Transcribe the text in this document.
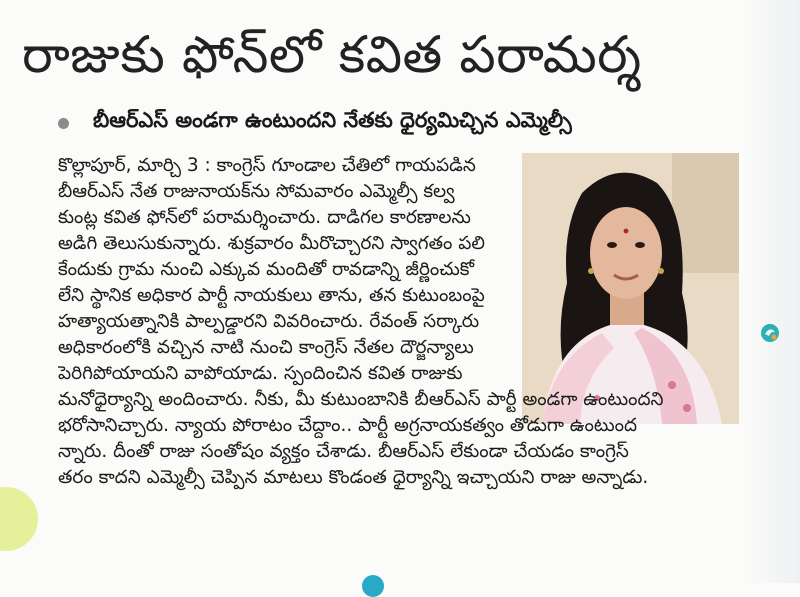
రాజుకు ఫోన్‌లో కవిత పరామర్శ
బీఆర్ఎస్ అండగా ఉంటుందని నేతకు ధైర్యమిచ్చిన ఎమ్మెల్సీ
కొల్లాపూర్, మార్చి 3 : కాంగ్రెస్ గూండాల చేతిలో గాయపడిన
బీఆర్ఎస్ నేత రాజునాయక్‌ను సోమవారం ఎమ్మెల్సీ కల్వ
కుంట్ల కవిత ఫోన్‌లో పరామర్శించారు. దాడిగల కారణాలను
అడిగి తెలుసుకున్నారు. శుక్రవారం మీరొచ్చారని స్వాగతం పలి
కేందుకు గ్రామ నుంచి ఎక్కువ మందితో రావడాన్ని జీర్ణించుకో
లేని స్థానిక అధికార పార్టీ నాయకులు తాను, తన కుటుంబంపై
హత్యాయత్నానికి పాల్పడ్డారని వివరించారు. రేవంత్ సర్కారు
అధికారంలోకి వచ్చిన నాటి నుంచి కాంగ్రెస్ నేతల దౌర్జన్యాలు
పెరిగిపోయాయని వాపోయాడు. స్పందించిన కవిత రాజుకు
మనోధైర్యాన్ని అందించారు. నీకు, మీ కుటుంబానికి బీఆర్ఎస్ పార్టీ అండగా ఉంటుందని
భరోసానిచ్చారు. న్యాయ పోరాటం చేద్దాం.. పార్టీ అగ్రనాయకత్వం తోడుగా ఉంటుంద
న్నారు. దీంతో రాజు సంతోషం వ్యక్తం చేశాడు. బీఆర్ఎస్ లేకుండా చేయడం కాంగ్రెస్
తరం కాదని ఎమ్మెల్సీ చెప్పిన మాటలు కొండంత ధైర్యాన్ని ఇచ్చాయని రాజు అన్నాడు.
